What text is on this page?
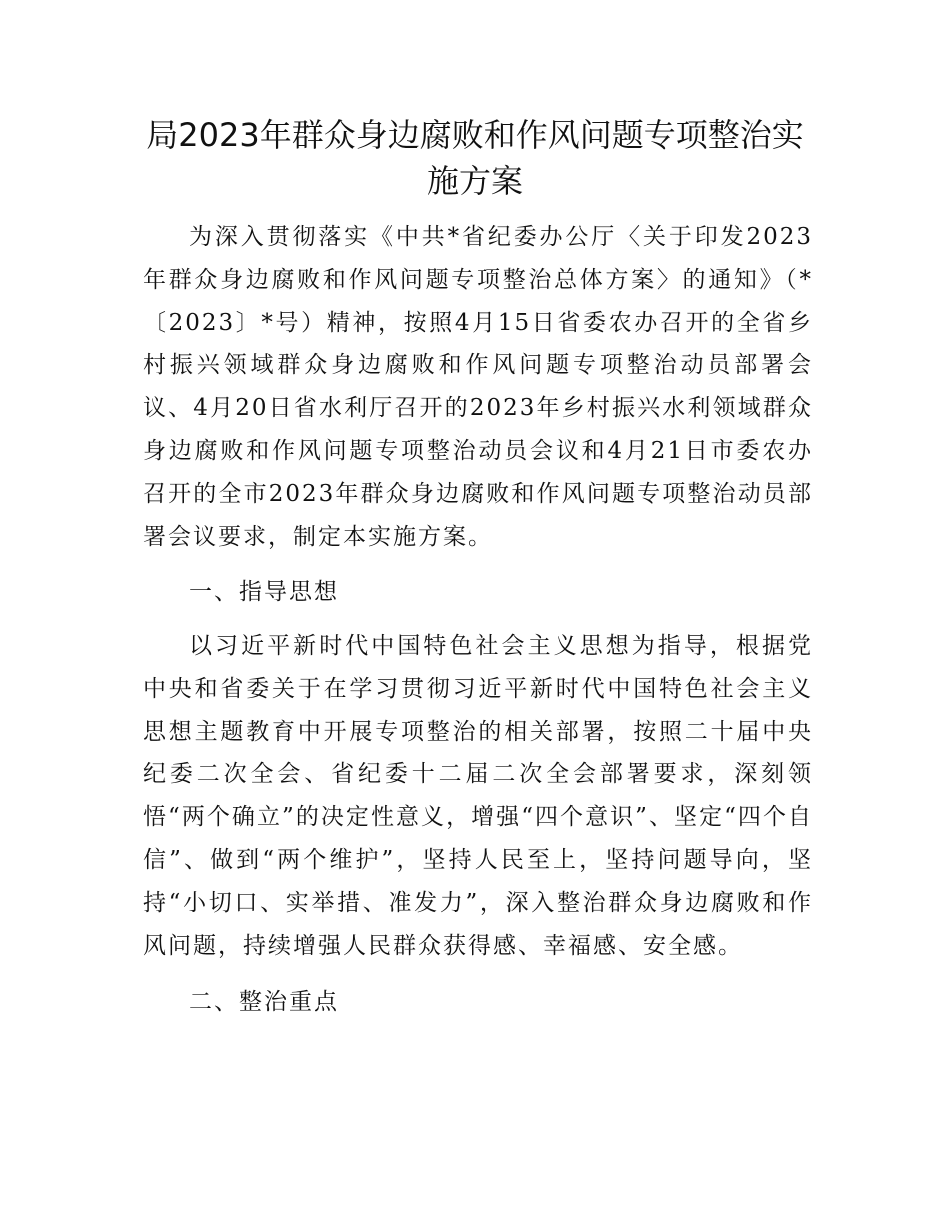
局2023年群众身边腐败和作风问题专项整治实施方案

为深入贯彻落实《中共*省纪委办公厅〈关于印发2023年群众身边腐败和作风问题专项整治总体方案〉的通知》（*〔2023〕*号）精神，按照4月15日省委农办召开的全省乡村振兴领域群众身边腐败和作风问题专项整治动员部署会议、4月20日省水利厅召开的2023年乡村振兴水利领域群众身边腐败和作风问题专项整治动员会议和4月21日市委农办召开的全市2023年群众身边腐败和作风问题专项整治动员部署会议要求，制定本实施方案。

一、指导思想

以习近平新时代中国特色社会主义思想为指导，根据党中央和省委关于在学习贯彻习近平新时代中国特色社会主义思想主题教育中开展专项整治的相关部署，按照二十届中央纪委二次全会、省纪委十二届二次全会部署要求，深刻领悟“两个确立”的决定性意义，增强“四个意识”、坚定“四个自信”、做到“两个维护”，坚持人民至上，坚持问题导向，坚持“小切口、实举措、准发力”，深入整治群众身边腐败和作风问题，持续增强人民群众获得感、幸福感、安全感。

二、整治重点
